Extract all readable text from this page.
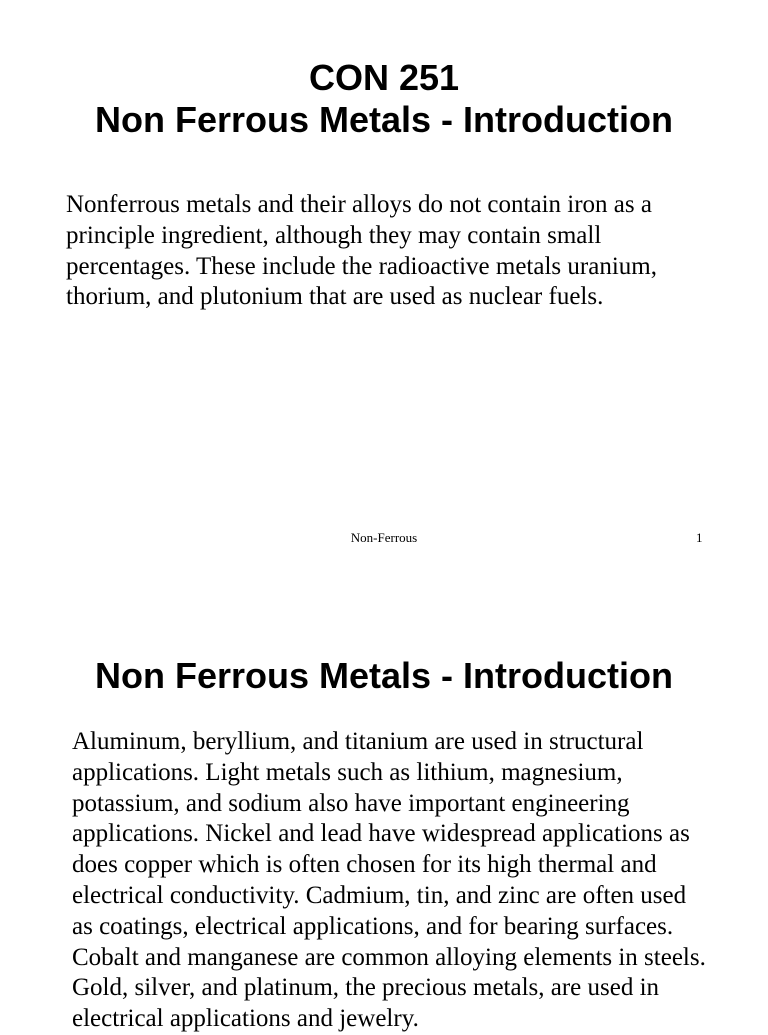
CON 251
Non Ferrous Metals - Introduction

Nonferrous metals and their alloys do not contain iron as a principle ingredient, although they may contain small percentages. These include the radioactive metals uranium, thorium, and plutonium that are used as nuclear fuels.

Non-Ferrous	1
Non Ferrous Metals - Introduction

Aluminum, beryllium, and titanium are used in structural applications. Light metals such as lithium, magnesium, potassium, and sodium also have important engineering applications. Nickel and lead have widespread applications as does copper which is often chosen for its high thermal and electrical conductivity. Cadmium, tin, and zinc are often used as coatings, electrical applications, and for bearing surfaces. Cobalt and manganese are common alloying elements in steels. Gold, silver, and platinum, the precious metals, are used in electrical applications and jewelry.
